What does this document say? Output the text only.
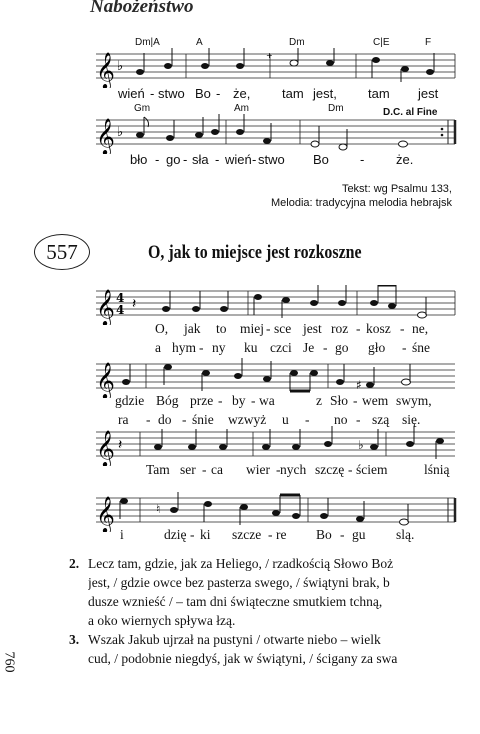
Nabożeństwo
Dm|A	A	Dm	C|E	F
𝄞 ♭
+
wień - stwo Bo - że, tam jest, tam jest
Gm	Am	Dm	D.C. al Fine
𝄞 ♭
bło - go - sła - wień - stwo Bo - że.
Tekst: wg Psalmu 133,
Melodia: tradycyjna melodia hebrajsk
557	O, jak to miejsce jest rozkoszne
𝄞 4
4 𝄽
O, jak to miej - sce jest roz - kosz - ne,
a hym - ny ku czci Je - go gło - śne
𝄞	♯
gdzie Bóg prze - by - wa	z Sło - wem swym,
ra - do - śnie wzwyż u - no - szą się.
𝄞 𝄽	♭
Tam ser - ca wier - nych szczę - ściem	lśnią
𝄞	♮
i	dzię - ki szcze - re Bo - gu slą.
2. Lecz tam, gdzie, jak za Heliego, / rzadkością Słowo Boż
jest, / gdzie owce bez pasterza swego, / świątyni brak, b
dusze wznieść / – tam dni świąteczne smutkiem tchną,
a oko wiernych spływa łzą.
3. Wszak Jakub ujrzał na pustyni / otwarte niebo – wielk
cud, / podobnie niegdyś, jak w świątyni, / ścigany za swa
760
